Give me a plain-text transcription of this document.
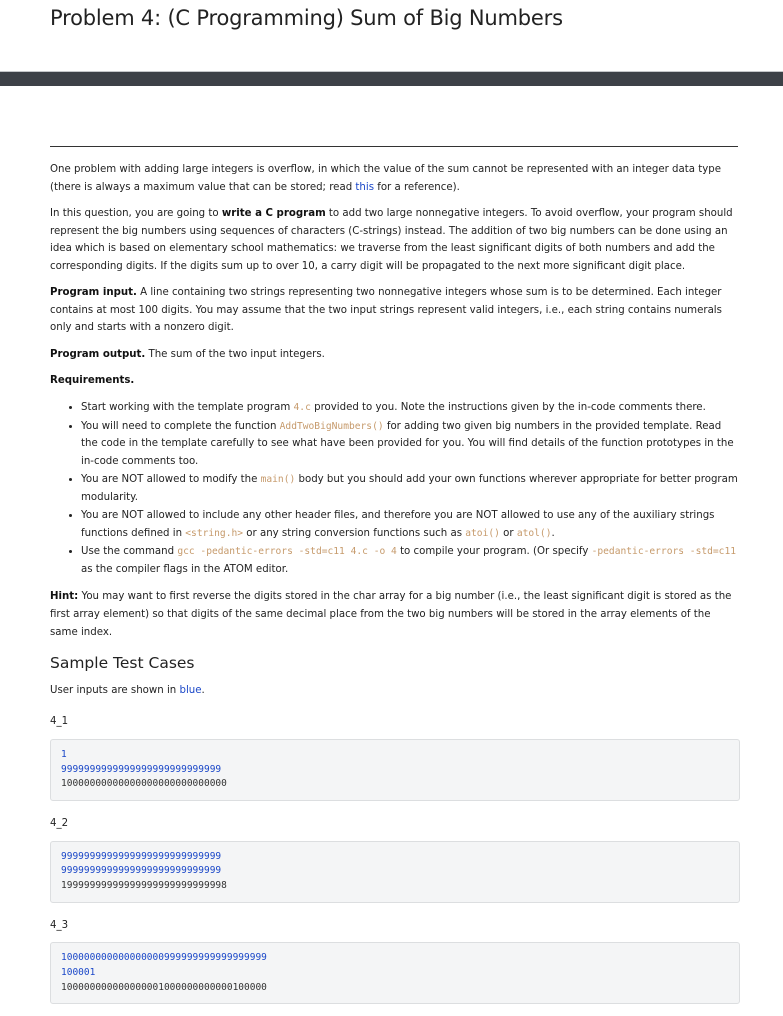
Problem 4: (C Programming) Sum of Big Numbers

One problem with adding large integers is overflow, in which the value of the sum cannot be represented with an integer data type (there is always a maximum value that can be stored; read this for a reference).

In this question, you are going to write a C program to add two large nonnegative integers. To avoid overflow, your program should represent the big numbers using sequences of characters (C-strings) instead. The addition of two big numbers can be done using an idea which is based on elementary school mathematics: we traverse from the least significant digits of both numbers and add the corresponding digits. If the digits sum up to over 10, a carry digit will be propagated to the next more significant digit place.

Program input. A line containing two strings representing two nonnegative integers whose sum is to be determined. Each integer contains at most 100 digits. You may assume that the two input strings represent valid integers, i.e., each string contains numerals only and starts with a nonzero digit.

Program output. The sum of the two input integers.

Requirements.

• Start working with the template program 4.c provided to you. Note the instructions given by the in-code comments there.
• You will need to complete the function AddTwoBigNumbers() for adding two given big numbers in the provided template. Read the code in the template carefully to see what have been provided for you. You will find details of the function prototypes in the in-code comments too.
• You are NOT allowed to modify the main() body but you should add your own functions wherever appropriate for better program modularity.
• You are NOT allowed to include any other header files, and therefore you are NOT allowed to use any of the auxiliary strings functions defined in <string.h> or any string conversion functions such as atoi() or atol().
• Use the command gcc -pedantic-errors -std=c11 4.c -o 4 to compile your program. (Or specify -pedantic-errors -std=c11 as the compiler flags in the ATOM editor.

Hint: You may want to first reverse the digits stored in the char array for a big number (i.e., the least significant digit is stored as the first array element) so that digits of the same decimal place from the two big numbers will be stored in the array elements of the same index.

Sample Test Cases

User inputs are shown in blue.

4_1
1
9999999999999999999999999999
10000000000000000000000000000
4_2
9999999999999999999999999999
9999999999999999999999999999
19999999999999999999999999998
4_3
100000000000000000999999999999999999
100001
100000000000000001000000000000100000
